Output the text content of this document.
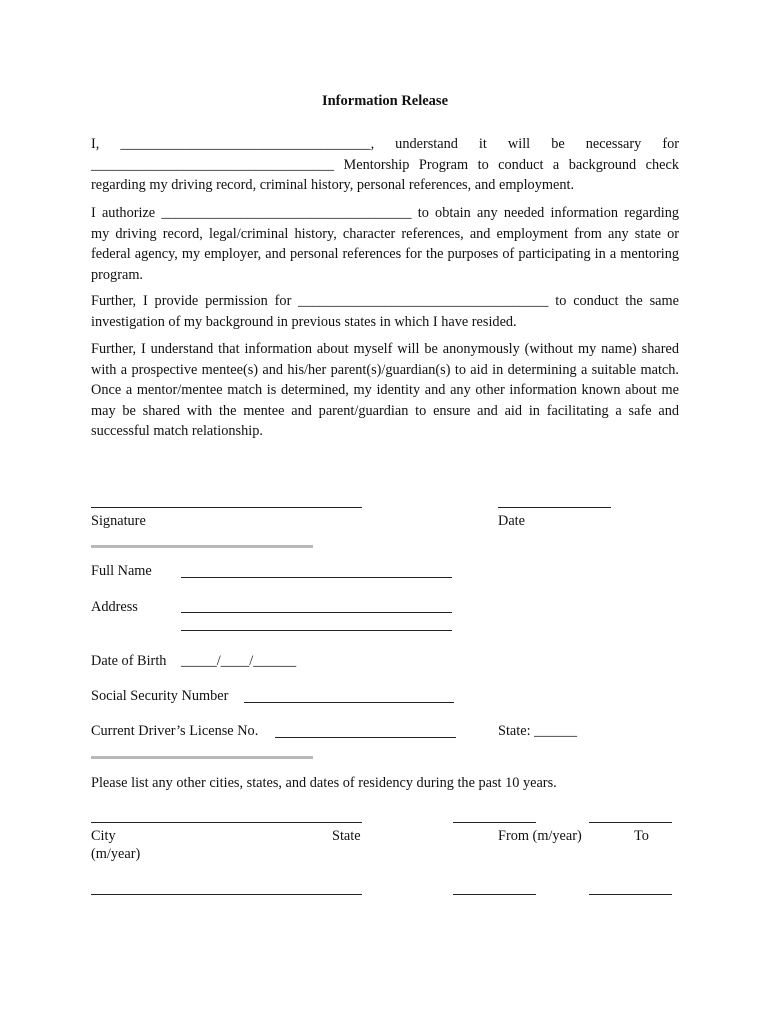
Information Release

I, ___________________________________, understand it will be necessary for __________________________________ Mentorship Program to conduct a background check regarding my driving record, criminal history, personal references, and employment.

I authorize ___________________________________ to obtain any needed information regarding my driving record, legal/criminal history, character references, and employment from any state or federal agency, my employer, and personal references for the purposes of participating in a mentoring program.

Further, I provide permission for ___________________________________ to conduct the same investigation of my background in previous states in which I have resided.

Further, I understand that information about myself will be anonymously (without my name) shared with a prospective mentee(s) and his/her parent(s)/guardian(s) to aid in determining a suitable match. Once a mentor/mentee match is determined, my identity and any other information known about me may be shared with the mentee and parent/guardian to ensure and aid in facilitating a safe and successful match relationship.

Signature	Date
Full Name
Address
Date of Birth _____/____/______
Social Security Number
Current Driver’s License No.	State: ______
Please list any other cities, states, and dates of residency during the past 10 years.
City	State	From (m/year)	To
(m/year)
